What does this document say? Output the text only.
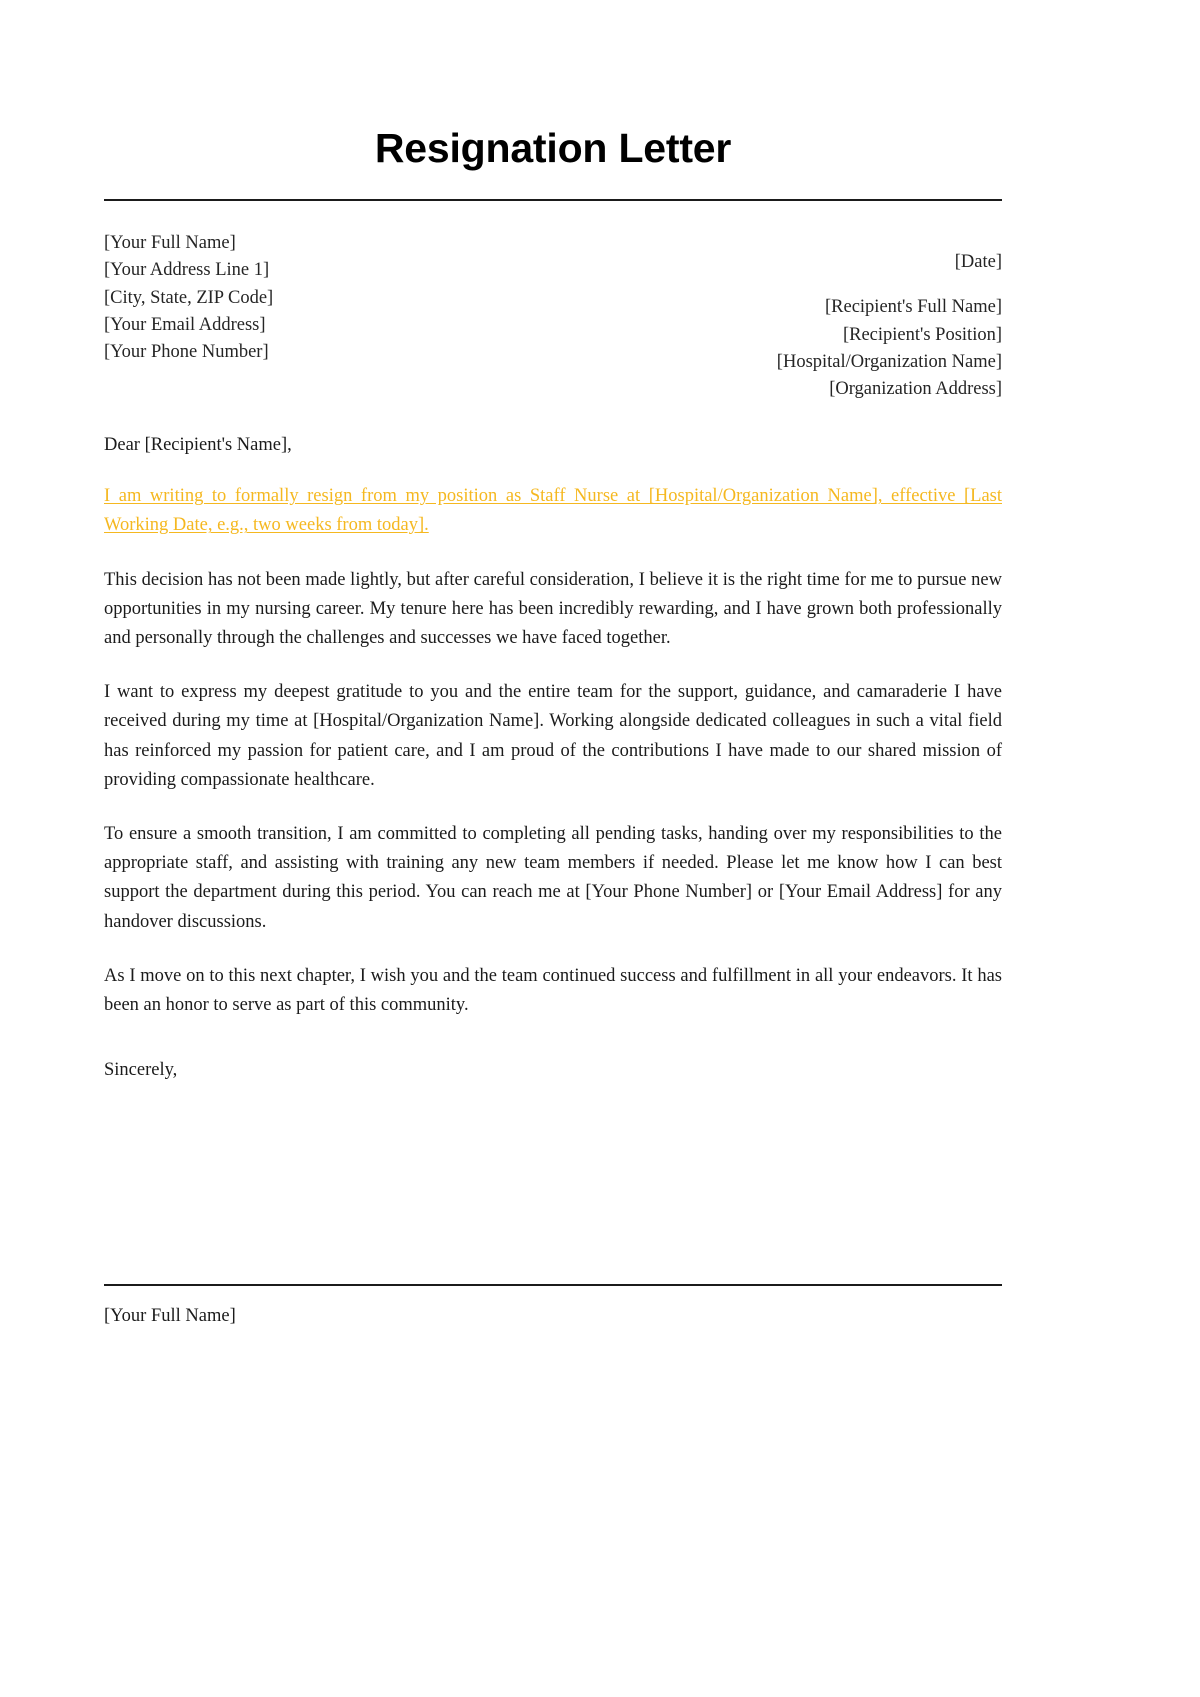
Resignation Letter
[Your Full Name]
[Your Address Line 1]
[City, State, ZIP Code]
[Your Email Address]
[Your Phone Number]
[Date]
[Recipient's Full Name]
[Recipient's Position]
[Hospital/Organization Name]
[Organization Address]
Dear [Recipient's Name],

I am writing to formally resign from my position as Staff Nurse at [Hospital/Organization Name], effective [Last Working Date, e.g., two weeks from today].

This decision has not been made lightly, but after careful consideration, I believe it is the right time for me to pursue new opportunities in my nursing career. My tenure here has been incredibly rewarding, and I have grown both professionally and personally through the challenges and successes we have faced together.

I want to express my deepest gratitude to you and the entire team for the support, guidance, and camaraderie I have received during my time at [Hospital/Organization Name]. Working alongside dedicated colleagues in such a vital field has reinforced my passion for patient care, and I am proud of the contributions I have made to our shared mission of providing compassionate healthcare.

To ensure a smooth transition, I am committed to completing all pending tasks, handing over my responsibilities to the appropriate staff, and assisting with training any new team members if needed. Please let me know how I can best support the department during this period. You can reach me at [Your Phone Number] or [Your Email Address] for any handover discussions.

As I move on to this next chapter, I wish you and the team continued success and fulfillment in all your endeavors. It has been an honor to serve as part of this community.

Sincerely,
[Your Full Name]
